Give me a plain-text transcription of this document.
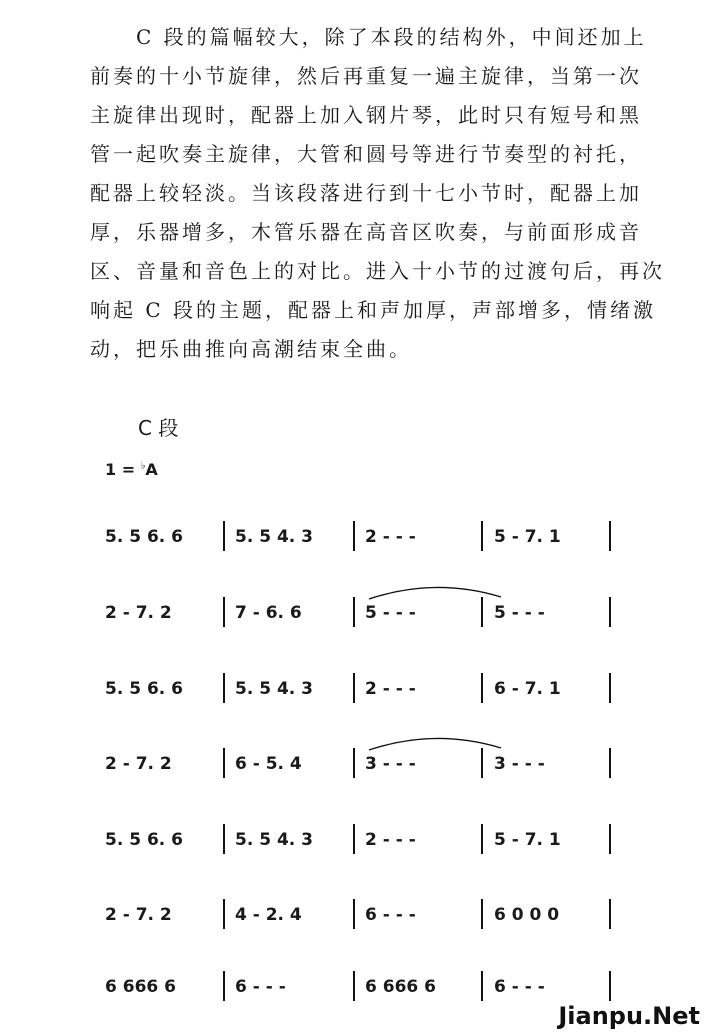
C 段的篇幅较大，除了本段的结构外，中间还加上
前奏的十小节旋律，然后再重复一遍主旋律，当第一次
主旋律出现时，配器上加入钢片琴，此时只有短号和黑
管一起吹奏主旋律，大管和圆号等进行节奏型的衬托，
配器上较轻淡。当该段落进行到十七小节时，配器上加
厚，乐器增多，木管乐器在高音区吹奏，与前面形成音
区、音量和音色上的对比。进入十小节的过渡句后，再次
响起 C 段的主题，配器上和声加厚，声部增多，情绪激
动，把乐曲推向高潮结束全曲。
C 段
1 = ♭A
5. 5 6. 6	5. 5 4. 3	2 - - -	5 - 7. 1
2 - 7. 2	7 - 6. 6	5 - - -	5 - - -
5. 5 6. 6	5. 5 4. 3	2 - - -	6 - 7. 1
2 - 7. 2	6 - 5. 4	3 - - -	3 - - -
5. 5 6. 6	5. 5 4. 3	2 - - -	5 - 7. 1
2 - 7. 2	4 - 2. 4	6 - - -	6 0 0 0
6 666 6	6 - - -	6 666 6	6 - - -
Jianpu.Net
